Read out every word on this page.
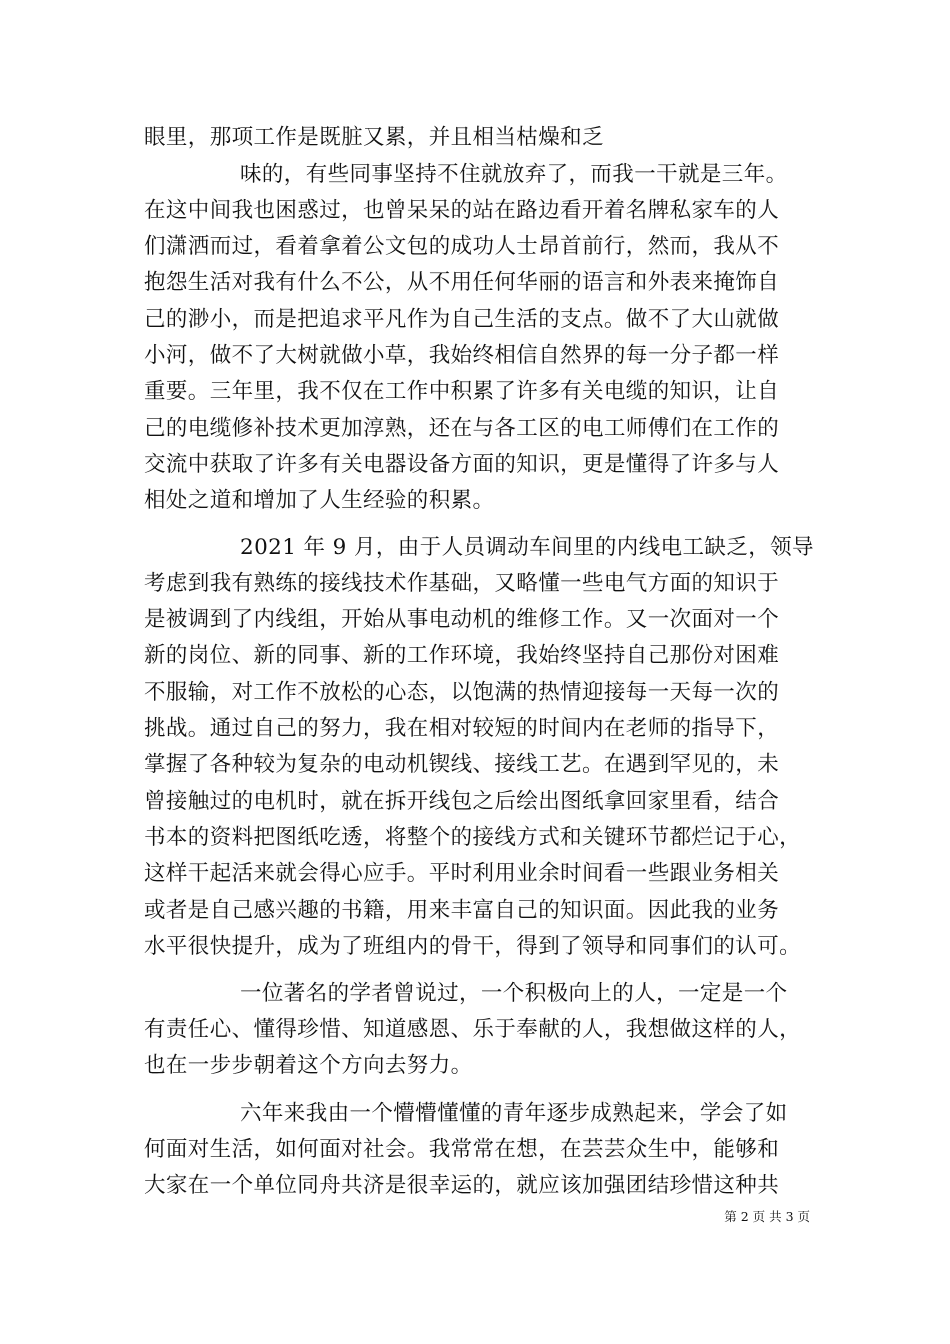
眼里，那项工作是既脏又累，并且相当枯燥和乏
味的，有些同事坚持不住就放弃了，而我一干就是三年。
在这中间我也困惑过，也曾呆呆的站在路边看开着名牌私家车的人
们潇洒而过，看着拿着公文包的成功人士昂首前行，然而，我从不
抱怨生活对我有什么不公，从不用任何华丽的语言和外表来掩饰自
己的渺小，而是把追求平凡作为自己生活的支点。做不了大山就做
小河，做不了大树就做小草，我始终相信自然界的每一分子都一样
重要。三年里，我不仅在工作中积累了许多有关电缆的知识，让自
己的电缆修补技术更加淳熟，还在与各工区的电工师傅们在工作的
交流中获取了许多有关电器设备方面的知识，更是懂得了许多与人
相处之道和增加了人生经验的积累。
2021 年 9 月，由于人员调动车间里的内线电工缺乏，领导
考虑到我有熟练的接线技术作基础，又略懂一些电气方面的知识于
是被调到了内线组，开始从事电动机的维修工作。又一次面对一个
新的岗位、新的同事、新的工作环境，我始终坚持自己那份对困难
不服输，对工作不放松的心态，以饱满的热情迎接每一天每一次的
挑战。通过自己的努力，我在相对较短的时间内在老师的指导下，
掌握了各种较为复杂的电动机锲线、接线工艺。在遇到罕见的，未
曾接触过的电机时，就在拆开线包之后绘出图纸拿回家里看，结合
书本的资料把图纸吃透，将整个的接线方式和关键环节都烂记于心，
这样干起活来就会得心应手。平时利用业余时间看一些跟业务相关
或者是自己感兴趣的书籍，用来丰富自己的知识面。因此我的业务
水平很快提升，成为了班组内的骨干，得到了领导和同事们的认可。
一位著名的学者曾说过，一个积极向上的人，一定是一个
有责任心、懂得珍惜、知道感恩、乐于奉献的人，我想做这样的人，
也在一步步朝着这个方向去努力。
六年来我由一个懵懵懂懂的青年逐步成熟起来，学会了如
何面对生活，如何面对社会。我常常在想，在芸芸众生中，能够和
大家在一个单位同舟共济是很幸运的，就应该加强团结珍惜这种共
第 2 页 共 3 页
